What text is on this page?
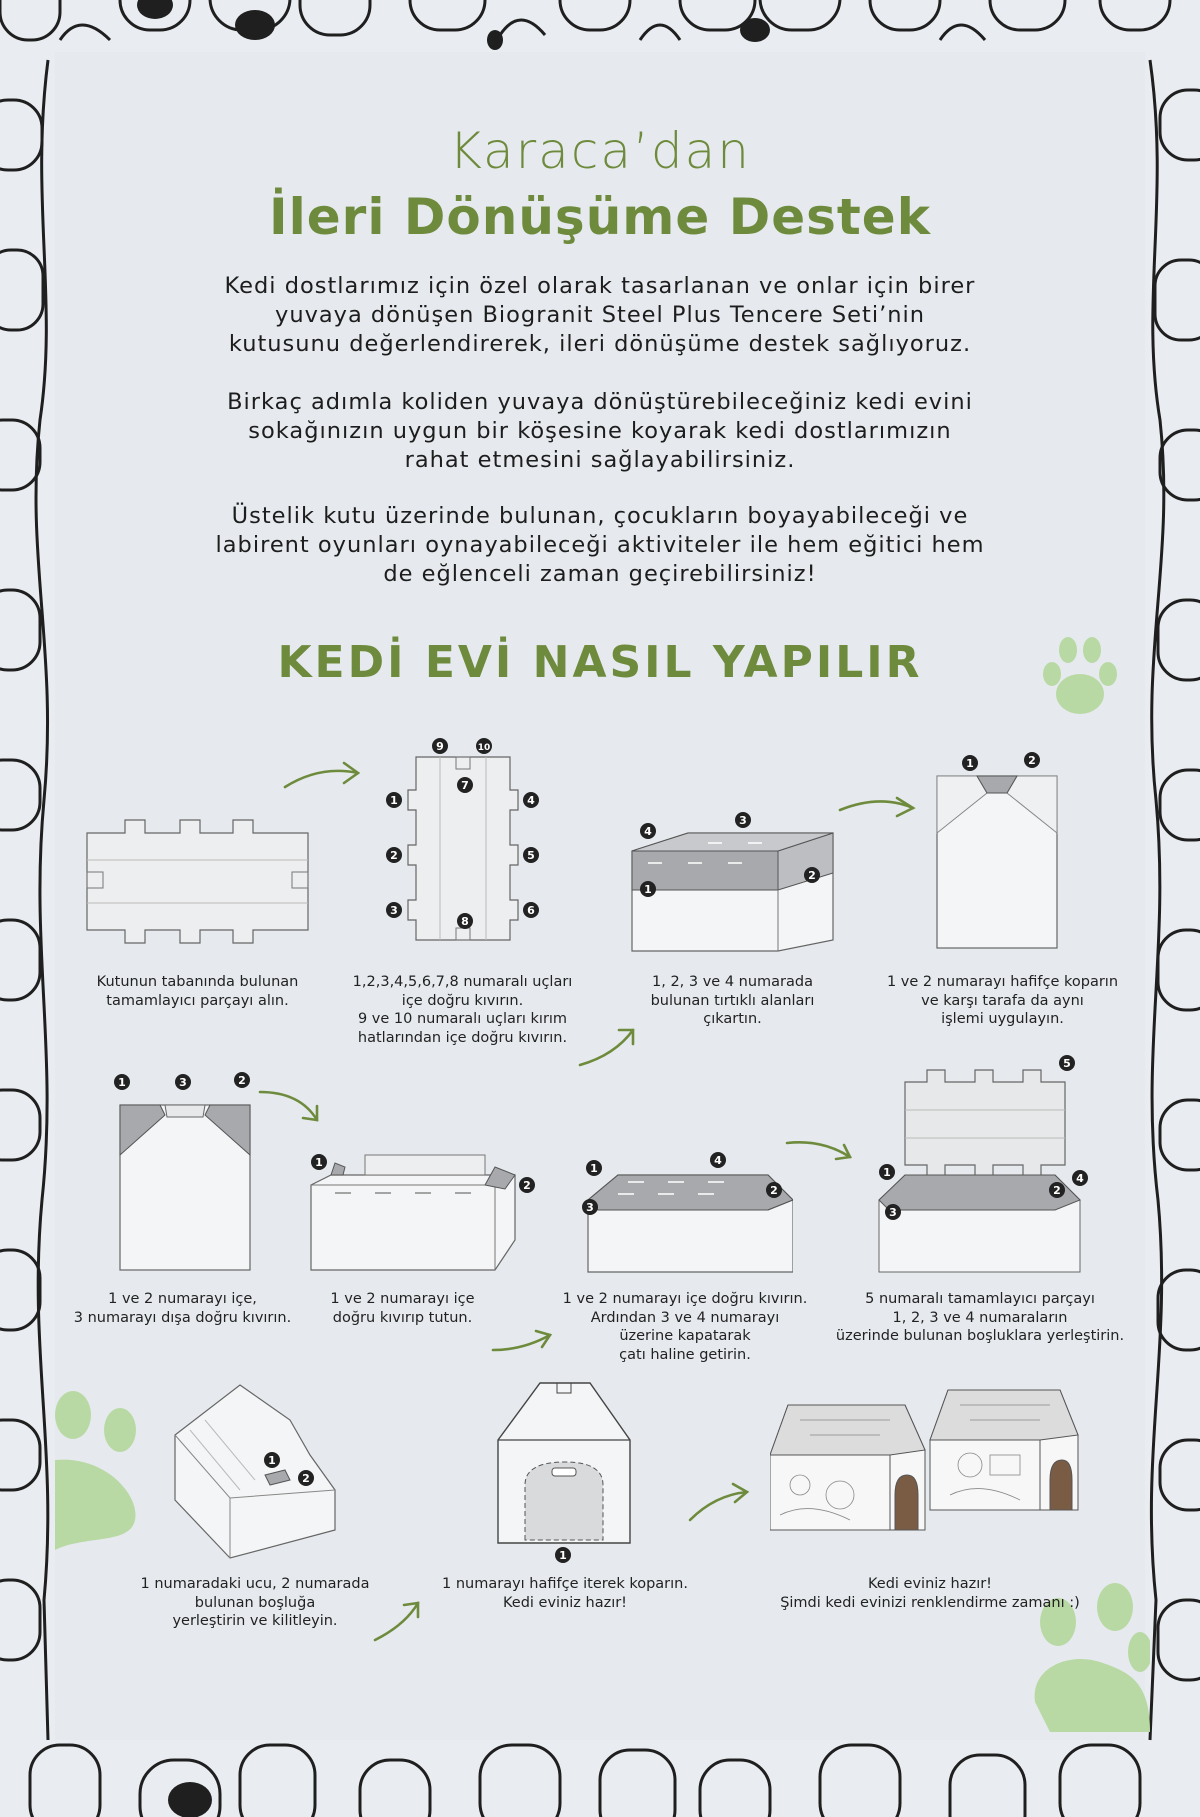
Karaca’dan
İleri Dönüşüme Destek

Kedi dostlarımız için özel olarak tasarlanan ve onlar için birer
yuvaya dönüşen Biogranit Steel Plus Tencere Seti’nin
kutusunu değerlendirerek, ileri dönüşüme destek sağlıyoruz.

Birkaç adımla koliden yuvaya dönüştürebileceğiniz kedi evini
sokağınızın uygun bir köşesine koyarak kedi dostlarımızın
rahat etmesini sağlayabilirsiniz.

Üstelik kutu üzerinde bulunan, çocukların boyayabileceği ve
labirent oyunları oynayabileceği aktiviteler ile hem eğitici hem
de eğlenceli zaman geçirebilirsiniz!

KEDİ EVİ NASIL YAPILIR
9	10
7
1
2
3
4
5
6
8
3
4
1
2
1	2
1	3	2
1
2
1
4
2
3
5
1
2
4
3
1
2
1

Kutunun tabanında bulunan
tamamlayıcı parçayı alın.

1,2,3,4,5,6,7,8 numaralı uçları
içe doğru kıvırın.
9 ve 10 numaralı uçları kırım
hatlarından içe doğru kıvırın.

1, 2, 3 ve 4 numarada
bulunan tırtıklı alanları
çıkartın.

1 ve 2 numarayı hafifçe koparın
ve karşı tarafa da aynı
işlemi uygulayın.

1 ve 2 numarayı içe,
3 numarayı dışa doğru kıvırın.

1 ve 2 numarayı içe
doğru kıvırıp tutun.

1 ve 2 numarayı içe doğru kıvırın.
Ardından 3 ve 4 numarayı
üzerine kapatarak
çatı haline getirin.

5 numaralı tamamlayıcı parçayı
1, 2, 3 ve 4 numaraların
üzerinde bulunan boşluklara yerleştirin.

1 numaradaki ucu, 2 numarada
bulunan boşluğa
yerleştirin ve kilitleyin.

1 numarayı hafifçe iterek koparın.
Kedi eviniz hazır!

Kedi eviniz hazır!
Şimdi kedi evinizi renklendirme zamanı :)
